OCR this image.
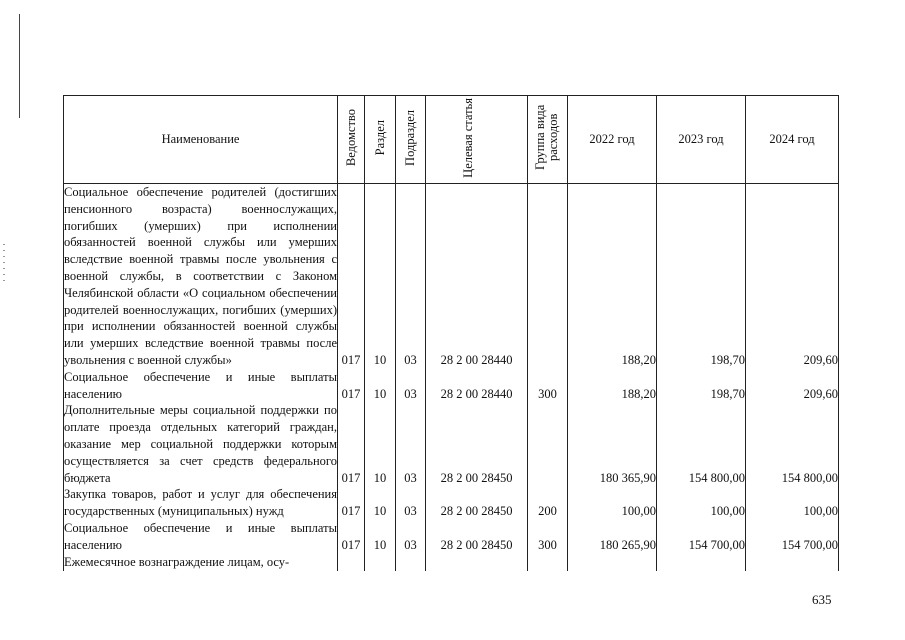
Наименование	Ведомство	Раздел	Подраздел	Целевая статья	Группа вида расходов	2022 год	2023 год	2024 год
Социальное обеспечение родителей (достигших пенсионного возраста) военнослужащих, погибших (умерших) при исполнении обязанностей военной службы или умерших вследствие военной травмы после увольнения с военной службы, в соответствии с Законом Челябинской области «О социальном обеспечении родителей военнослужащих, погибших (умерших) при исполнении обязанностей военной службы или умерших вследствие военной травмы после увольнения с военной службы»	017	10	03	28 2 00 28440		188,20	198,70	209,60
Социальное обеспечение и иные выплаты населению	017	10	03	28 2 00 28440	300	188,20	198,70	209,60
Дополнительные меры социальной поддержки по оплате проезда отдельных категорий граждан, оказание мер социальной поддержки которым осуществляется за счет средств федерального бюджета	017	10	03	28 2 00 28450		180 365,90	154 800,00	154 800,00
Закупка товаров, работ и услуг для обеспечения государственных (муниципальных) нужд	017	10	03	28 2 00 28450	200	100,00	100,00	100,00
Социальное обеспечение и иные выплаты населению	017	10	03	28 2 00 28450	300	180 265,90	154 700,00	154 700,00
Ежемесячное вознаграждение лицам, осу-								
635
